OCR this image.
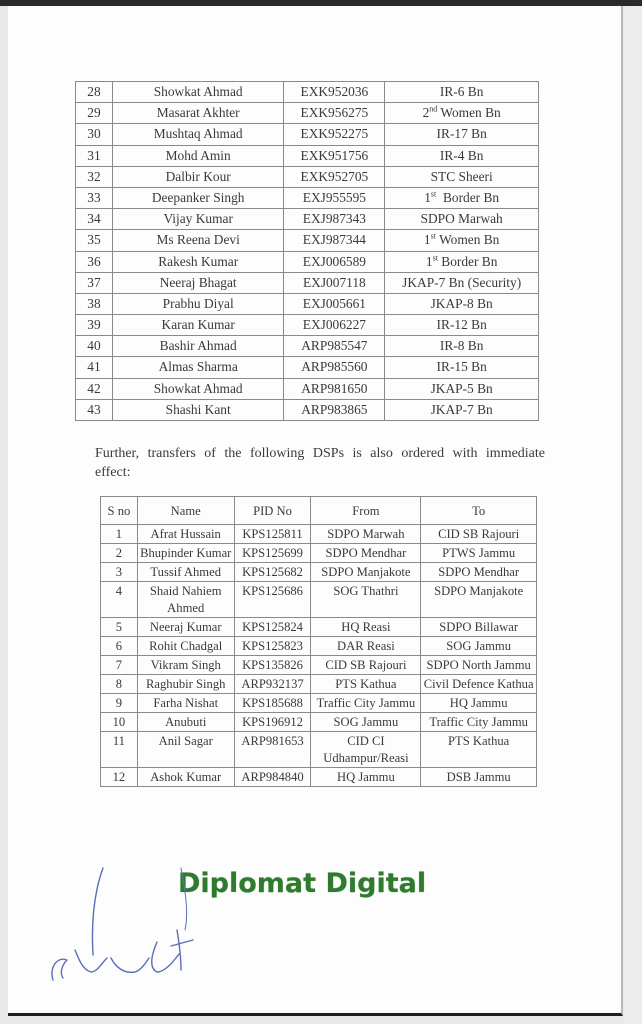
28	Showkat Ahmad	EXK952036	IR-6 Bn
29	Masarat Akhter	EXK956275	2nd Women Bn
30	Mushtaq Ahmad	EXK952275	IR-17 Bn
31	Mohd Amin	EXK951756	IR-4 Bn
32	Dalbir Kour	EXK952705	STC Sheeri
33	Deepanker Singh	EXJ955595	1st  Border Bn
34	Vijay Kumar	EXJ987343	SDPO Marwah
35	Ms Reena Devi	EXJ987344	1st Women Bn
36	Rakesh Kumar	EXJ006589	1st Border Bn
37	Neeraj Bhagat	EXJ007118	JKAP-7 Bn (Security)
38	Prabhu Diyal	EXJ005661	JKAP-8 Bn
39	Karan Kumar	EXJ006227	IR-12 Bn
40	Bashir Ahmad	ARP985547	IR-8 Bn
41	Almas Sharma	ARP985560	IR-15 Bn
42	Showkat Ahmad	ARP981650	JKAP-5 Bn
43	Shashi Kant	ARP983865	JKAP-7 Bn
Further, transfers of the following DSPs is also ordered with immediate
effect:
S no	Name	PID No	From	To
1	Afrat Hussain	KPS125811	SDPO Marwah	CID SB Rajouri
2	Bhupinder Kumar	KPS125699	SDPO Mendhar	PTWS Jammu
3	Tussif Ahmed	KPS125682	SDPO Manjakote	SDPO Mendhar
4	Shaid Nahiem Ahmed	KPS125686	SOG Thathri	SDPO Manjakote
5	Neeraj Kumar	KPS125824	HQ Reasi	SDPO Billawar
6	Rohit Chadgal	KPS125823	DAR Reasi	SOG Jammu
7	Vikram Singh	KPS135826	CID SB Rajouri	SDPO North Jammu
8	Raghubir Singh	ARP932137	PTS Kathua	Civil Defence Kathua
9	Farha Nishat	KPS185688	Traffic City Jammu	HQ Jammu
10	Anubuti	KPS196912	SOG Jammu	Traffic City Jammu
11	Anil Sagar	ARP981653	CID CI Udhampur/Reasi	PTS Kathua
12	Ashok Kumar	ARP984840	HQ Jammu	DSB Jammu
Diplomat Digital
